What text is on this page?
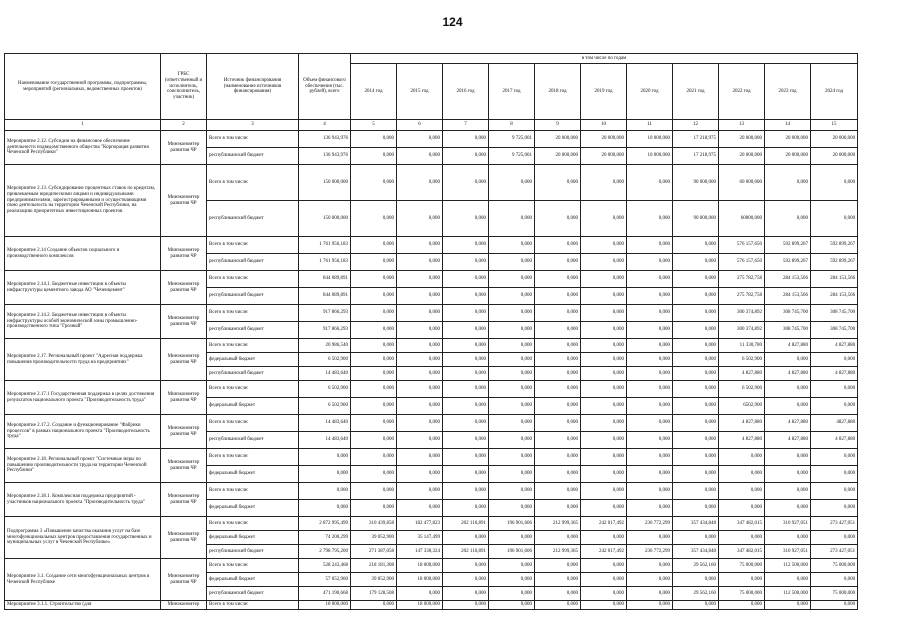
124
Наименование государственной программы, подпрограммы, мероприятий (региональных, ведомственных проектов)	ГРБС (ответственный и исполнитель, соисполнитель, участник)	Источник финансирования (наименование источников финансирования)	Объем финансового обеспечения (тыс. рублей), всего	в том числе по годам										
				2014 год	2015 год	2016 год	2017 год	2018 год	2019 год	2020 год	2021 год	2022 год	2023 год	2024 год
1	2	3	4	5	6	7	8	9	10	11	12	13	14	15
Мероприятие 2.12. Субсидии на финансовое обеспечение деятельности подведомственного общества "Корпорация развития Чеченской Республики"	Минэкономтер развития ЧР	Всего в том числе:	136 943,976	0,000	0,000	0,000	9 725,001	20 000,000	20 000,000	10 000,000	17 218,975	20 000,000	20 000,000	20 000,000
		республиканский бюджет	136 943,976	0,000	0,000	0,000	9 725,001	20 000,000	20 000,000	10 000,000	17 218,975	20 000,000	20 000,000	20 000,000
Мероприятие 2.13. Субсидирование процентных ставок по кредитам, привлекаемым юридическими лицами и индивидуальными предпринимателями, зарегистрированными и осуществляющими свою деятельность на территории Чеченской Республики, на реализацию приоритетных инвестиционных проектов	Минэкономтер развития ЧР	Всего в том числе:	150 000,000	0,000	0,000	0,000	0,000	0,000	0,000	0,000	90 000,000	60 000,000	0,000	0,000
		республиканский бюджет	150 000,000	0,000	0,000	0,000	0,000	0,000	0,000	0,000	90 000,000	60000,000	0,000	0,000
Мероприятие 2.14 Создание объектов социального и производственного комплексов	Минэкономтер развития ЧР	Всего в том числе:	1 761 956,183	0,000	0,000	0,000	0,000	0,000	0,000	0,000	0,000	576 157,650	592 899,267	592 899,267
		республиканский бюджет	1 761 956,183	0,000	0,000	0,000	0,000	0,000	0,000	0,000	0,000	576 157,650	592 899,267	592 899,267
Мероприятие 2.14.1. Бюджетные инвестиции в объекты инфраструктуры цементного завода АО "Чеченцемент"	Минэкономтер развития ЧР	Всего в том числе:	844 089,891	0,000	0,000	0,000	0,000	0,000	0,000	0,000	0,000	275 782,758	284 153,566	284 153,566
		республиканский бюджет	844 089,891	0,000	0,000	0,000	0,000	0,000	0,000	0,000	0,000	275 782,758	284 153,566	284 153,566
Мероприятие 2.14.2. Бюджетные инвестиции в объекты инфраструктуры особой экономической зоны промышленно-производственного типа "Грозный"	Минэкономтер развития ЧР	Всего в том числе:	917 866,293	0,000	0,000	0,000	0,000	0,000	0,000	0,000	0,000	300 374,892	308 745,700	308 745,700
		республиканский бюджет	917 866,293	0,000	0,000	0,000	0,000	0,000	0,000	0,000	0,000	300 374,892	308 745,700	308 745,700
Мероприятие 2.17. Региональный проект "Адресная поддержка повышения производительности труда на предприятиях"	Минэкономтер развития ЧР	Всего в том числе:	20 986,540	0,000	0,000	0,000	0,000	0,000	0,000	0,000	0,000	11 330,780	4 827,880	4 827,880
		федеральный бюджет	6 502,900	0,000	0,000	0,000	0,000	0,000	0,000	0,000	0,000	6 502,900	0,000	0,000
		республиканский бюджет	14 483,640	0,000	0,000	0,000	0,000	0,000	0,000	0,000	0,000	4 827,880	4 827,880	4 827,880
Мероприятие 2.17.1 Государственная поддержка в целях достижения результатов национального проекта "Производительность труда"	Минэкономтер развития ЧР	Всего в том числе:	6 502,900	0,000	0,000	0,000	0,000	0,000	0,000	0,000	0,000	6 502,900	0,000	0,000
		федеральный бюджет	6 502,900	0,000	0,000	0,000	0,000	0,000	0,000	0,000	0,000	6502,900	0,000	0,000
Мероприятие 2.17.2. Создание и функционирование "Фабрики процессов" в рамках национального проекта "Производительность труда"	Минэкономтер развития ЧР	Всего в том числе:	14 483,640	0,000	0,000	0,000	0,000	0,000	0,000	0,000	0,000	4 827,880	4 827,880	4827,880
		республиканский бюджет	14 483,640	0,000	0,000	0,000	0,000	0,000	0,000	0,000	0,000	4 827,880	4 827,880	4 827,880
Мероприятие 2.18. Региональный проект "Системные меры по повышению производительности труда на территории Чеченской Республики"	Минэкономтер развития ЧР	Всего в том числе:	0,000	0,000	0,000	0,000	0,000	0,000	0,000	0,000	0,000	0,000	0,000	0,000
		федеральный бюджет	0,000	0,000	0,000	0,000	0,000	0,000	0,000	0,000	0,000	0,000	0,000	0,000
Мероприятие 2.18.1. Комплексная поддержка предприятий - участников национального проекта "Производительность труда"	Минэкономтер развития ЧР	Всего в том числе:	0,000	0,000	0,000	0,000	0,000	0,000	0,000	0,000	0,000	0,000	0,000	0,000
		федеральный бюджет	0,000	0,000	0,000	0,000	0,000	0,000	0,000	0,000	0,000	0,000	0,000	0,000
Подпрограмма 3 «Повышение качества оказания услуг на базе многофункциональных центров предоставления государственных и муниципальных услуг в Чеченской Республике»	Минэкономтер развития ЧР	Всего в том числе:	2 872 995,499	310 439,858	182 477,823	202 116,891	196 901,606	212 999,365	242 017,492	236 772,299	357 434,848	347 482,015	310 927,051	273 427,051
		федеральный бюджет	74 200,299	39 052,900	35 147,499	0,000	0,000	0,000	0,000	0,000	0,000	0,000	0,000	0,000
		республиканский бюджет	2 798 795,200	271 387,058	147 330,324	202 116,891	196 901,606	212 999,365	242 017,492	236 772,299	357 434,848	347 482,015	310 927,051	273 427,051
Мероприятие 3.1. Создание сети многофункциональных центров в Чеченской Республике	Минэкономтер развития ЧР	Всего в том числе:	528 243,468	218 181,308	18 000,000	0,000	0,000	0,000	0,000	0,000	29 562,160	75 000,000	112 500,000	75 000,000
		федеральный бюджет	57 052,900	39 052,900	18 000,000	0,000	0,000	0,000	0,000	0,000	0,000	0,000	0,000	0,000
		республиканский бюджет	471 190,668	179 128,508	0,000	0,000	0,000	0,000	0,000	0,000	29 562,160	75 000,000	112 500,000	75 000,000
Мероприятие 3.1.1. Строительство (для	Минэкономтер	Всего в том числе:	18 000,000	0,000	18 000,000	0,000	0,000	0,000	0,000	0,000	0,000	0,000	0,000	0,000
